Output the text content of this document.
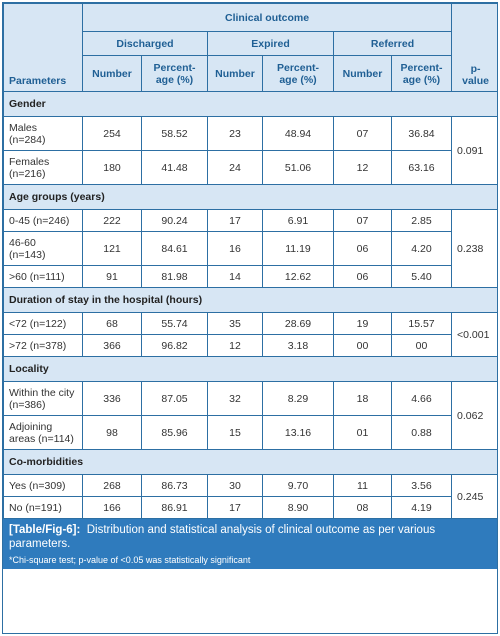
Parameters	Clinical outcome						p-
value
	Discharged		Expired		Referred		
	Number	Percent-
age (%)	Number	Percent-
age (%)	Number	Percent-
age (%)	
Gender							
Males
(n=284)	254	58.52	23	48.94	07	36.84	0.091
Females
(n=216)	180	41.48	24	51.06	12	63.16	
Age groups (years)							
0-45 (n=246)	222	90.24	17	6.91	07	2.85	0.238
46-60
(n=143)	121	84.61	16	11.19	06	4.20	
>60 (n=111)	91	81.98	14	12.62	06	5.40	
Duration of stay in the hospital (hours)							
<72 (n=122)	68	55.74	35	28.69	19	15.57	<0.001
>72 (n=378)	366	96.82	12	3.18	00	00	
Locality							
Within the city
(n=386)	336	87.05	32	8.29	18	4.66	0.062
Adjoining
areas (n=114)	98	85.96	15	13.16	01	0.88	
Co-morbidities							
Yes (n=309)	268	86.73	30	9.70	11	3.56	0.245
No (n=191)	166	86.91	17	8.90	08	4.19	
[Table/Fig-6]: Distribution and statistical analysis of clinical outcome as per various parameters.
*Chi-square test; p-value of <0.05 was statistically significant
